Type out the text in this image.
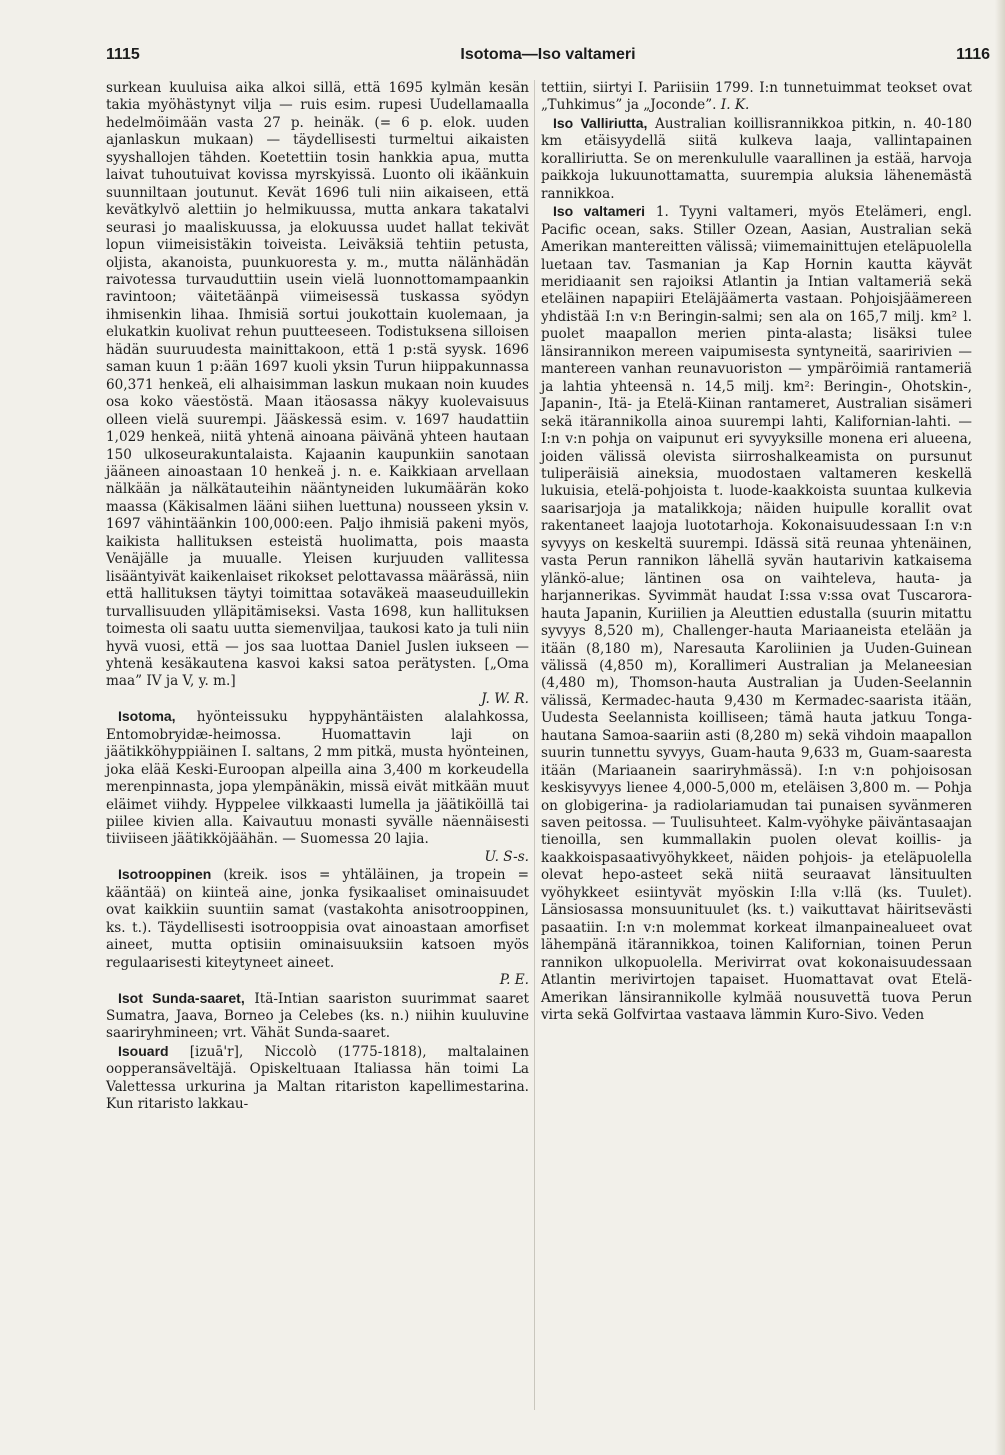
1115	Isotoma—Iso valtameri	1116

surkean kuuluisa aika alkoi sillä, että 1695 kylmän kesän takia myöhästynyt vilja — ruis esim. rupesi Uudellamaalla hedelmöimään vasta 27 p. heinäk. (= 6 p. elok. uuden ajanlaskun mukaan) — täydellisesti turmeltui aikaisten syyshallojen tähden. Koetettiin tosin hankkia apua, mutta laivat tuhoutuivat kovissa myrskyissä. Luonto oli ikäänkuin suunniltaan joutunut. Kevät 1696 tuli niin aikaiseen, että kevätkylvö alettiin jo helmikuussa, mutta ankara takatalvi seurasi jo maaliskuussa, ja elokuussa uudet hallat tekivät lopun viimeisistäkin toiveista. Leiväksiä tehtiin petusta, oljista, akanoista, puunkuoresta y. m., mutta nälänhädän raivotessa turvauduttiin usein vielä luonnottomampaankin ravintoon; väitetäänpä viimeisessä tuskassa syödyn ihmisenkin lihaa. Ihmisiä sortui joukottain kuolemaan, ja elukatkin kuolivat rehun puutteeseen. Todistuksena silloisen hädän suuruudesta mainittakoon, että 1 p:stä syysk. 1696 saman kuun 1 p:ään 1697 kuoli yksin Turun hiippakunnassa 60,371 henkeä, eli alhaisimman laskun mukaan noin kuudes osa koko väestöstä. Maan itäosassa näkyy kuolevaisuus olleen vielä suurempi. Jääskessä esim. v. 1697 haudattiin 1,029 henkeä, niitä yhtenä ainoana päivänä yhteen hautaan 150 ulkoseurakuntalaista. Kajaanin kaupunkiin sanotaan jääneen ainoastaan 10 henkeä j. n. e. Kaikkiaan arvellaan nälkään ja nälkätauteihin nääntyneiden lukumäärän koko maassa (Käkisalmen lääni siihen luettuna) nousseen yksin v. 1697 vähintäänkin 100,000:een. Paljo ihmisiä pakeni myös, kaikista hallituksen esteistä huolimatta, pois maasta Venäjälle ja muualle. Yleisen kurjuuden vallitessa lisääntyivät kaikenlaiset rikokset pelottavassa määrässä, niin että hallituksen täytyi toimittaa sotaväkeä maaseuduillekin turvallisuuden ylläpitämiseksi. Vasta 1698, kun hallituksen toimesta oli saatu uutta siemenviljaa, taukosi kato ja tuli niin hyvä vuosi, että — jos saa luottaa Daniel Juslen iukseen — yhtenä kesäkautena kasvoi kaksi satoa perätysten. [„Oma maa” IV ja V, y. m.]
J. W. R.

Isotoma, hyönteissuku hyppyhäntäisten alalahkossa, Entomobryidæ-heimossa. Huomattavin laji on jäätikköhyppiäinen I. saltans, 2 mm pitkä, musta hyönteinen, joka elää Keski-Euroopan alpeilla aina 3,400 m korkeudella merenpinnasta, jopa ylempänäkin, missä eivät mitkään muut eläimet viihdy. Hyppelee vilkkaasti lumella ja jäätiköillä tai piilee kivien alla. Kaivautuu monasti syvälle näennäisesti tiiviiseen jäätikköjäähän. — Suomessa 20 lajia.
U. S-s.

Isotrooppinen (kreik. isos = yhtäläinen, ja tropein = kääntää) on kiinteä aine, jonka fysikaaliset ominaisuudet ovat kaikkiin suuntiin samat (vastakohta anisotrooppinen, ks. t.). Täydellisesti isotrooppisia ovat ainoastaan amorfiset aineet, mutta optisiin ominaisuuksiin katsoen myös regulaarisesti kiteytyneet aineet.
P. E.

Isot Sunda-saaret, Itä-Intian saariston suurimmat saaret Sumatra, Jaava, Borneo ja Celebes (ks. n.) niihin kuuluvine saariryhmineen; vrt. Vähät Sunda-saaret.

Isouard [izuā'r], Niccolò (1775-1818), maltalainen oopperansäveltäjä. Opiskeltuaan Italiassa hän toimi La Valettessa urkurina ja Maltan ritariston kapellimestarina. Kun ritaristo lakkau-

tettiin, siirtyi I. Pariisiin 1799. I:n tunnetuimmat teokset ovat „Tuhkimus” ja „Joconde”. I. K.

Iso Valliriutta, Australian koillisrannikkoa pitkin, n. 40-180 km etäisyydellä siitä kulkeva laaja, vallintapainen koralliriutta. Se on merenkululle vaarallinen ja estää, harvoja paikkoja lukuunottamatta, suurempia aluksia lähenemästä rannikkoa.

Iso valtameri 1. Tyyni valtameri, myös Etelämeri, engl. Pacific ocean, saks. Stiller Ozean, Aasian, Australian sekä Amerikan mantereitten välissä; viimemainittujen eteläpuolella luetaan tav. Tasmanian ja Kap Hornin kautta käyvät meridiaanit sen rajoiksi Atlantin ja Intian valtameriä sekä eteläinen napapiiri Eteläjäämerta vastaan. Pohjoisjäämereen yhdistää I:n v:n Beringin-salmi; sen ala on 165,7 milj. km² l. puolet maapallon merien pinta-alasta; lisäksi tulee länsirannikon mereen vaipumisesta syntyneitä, saaririvien — mantereen vanhan reunavuoriston — ympäröimiä rantameriä ja lahtia yhteensä n. 14,5 milj. km²: Beringin-, Ohotskin-, Japanin-, Itä- ja Etelä-Kiinan rantameret, Australian sisämeri sekä itärannikolla ainoa suurempi lahti, Kalifornian-lahti. — I:n v:n pohja on vaipunut eri syvyyksille monena eri alueena, joiden välissä olevista siirroshalkeamista on pursunut tuliperäisiä aineksia, muodostaen valtameren keskellä lukuisia, etelä-pohjoista t. luode-kaakkoista suuntaa kulkevia saarisarjoja ja matalikkoja; näiden huipulle korallit ovat rakentaneet laajoja luototarhoja. Kokonaisuudessaan I:n v:n syvyys on keskeltä suurempi. Idässä sitä reunaa yhtenäinen, vasta Perun rannikon lähellä syvän hautarivin katkaisema ylänkö-alue; läntinen osa on vaihteleva, hauta- ja harjannerikas. Syvimmät haudat I:ssa v:ssa ovat Tuscarora-hauta Japanin, Kuriilien ja Aleuttien edustalla (suurin mitattu syvyys 8,520 m), Challenger-hauta Mariaaneista etelään ja itään (8,180 m), Naresauta Karoliinien ja Uuden-Guinean välissä (4,850 m), Korallimeri Australian ja Melaneesian (4,480 m), Thomson-hauta Australian ja Uuden-Seelannin välissä, Kermadec-hauta 9,430 m Kermadec-saarista itään, Uudesta Seelannista koilliseen; tämä hauta jatkuu Tonga-hautana Samoa-saariin asti (8,280 m) sekä vihdoin maapallon suurin tunnettu syvyys, Guam-hauta 9,633 m, Guam-saaresta itään (Mariaanein saariryhmässä). I:n v:n pohjoisosan keskisyvyys lienee 4,000-5,000 m, eteläisen 3,800 m. — Pohja on globigerina- ja radiolariamudan tai punaisen syvänmeren saven peitossa. — Tuulisuhteet. Kalm-vyöhyke päiväntasaajan tienoilla, sen kummallakin puolen olevat koillis- ja kaakkoispasaativyöhykkeet, näiden pohjois- ja eteläpuolella olevat hepo-asteet sekä niitä seuraavat länsituulten vyöhykkeet esiintyvät myöskin I:lla v:llä (ks. Tuulet). Länsiosassa monsuunituulet (ks. t.) vaikuttavat häiritsevästi pasaatiin. I:n v:n molemmat korkeat ilmanpainealueet ovat lähempänä itärannikkoa, toinen Kalifornian, toinen Perun rannikon ulkopuolella. Merivirrat ovat kokonaisuudessaan Atlantin merivirtojen tapaiset. Huomattavat ovat Etelä-Amerikan länsirannikolle kylmää nousuvettä tuova Perun virta sekä Golfvirtaa vastaava lämmin Kuro-Sivo. Veden
